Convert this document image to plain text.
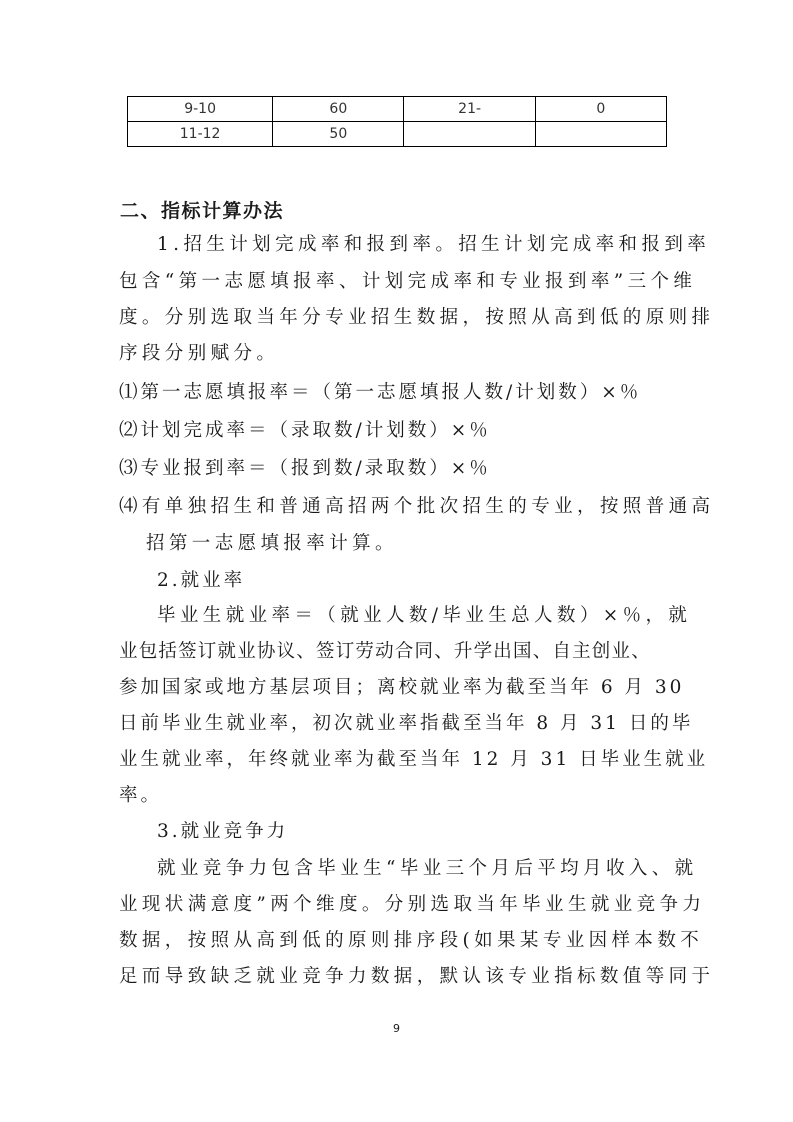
9-10	60	21-	0
11-12	50		
二、指标计算办法
1.招生计划完成率和报到率。招生计划完成率和报到率
包含“第一志愿填报率、计划完成率和专业报到率”三个维
度。分别选取当年分专业招生数据，按照从高到低的原则排
序段分别赋分。
⑴第一志愿填报率＝（第一志愿填报人数/计划数）×％
⑵计划完成率＝（录取数/计划数）×％
⑶专业报到率＝（报到数/录取数）×％
⑷有单独招生和普通高招两个批次招生的专业，按照普通高
招第一志愿填报率计算。
2.就业率
毕业生就业率＝（就业人数/毕业生总人数）×％，就
业包括签订就业协议、签订劳动合同、升学出国、自主创业、
参加国家或地方基层项目；离校就业率为截至当年 6 月 30
日前毕业生就业率，初次就业率指截至当年 8 月 31 日的毕
业生就业率，年终就业率为截至当年 12 月 31 日毕业生就业
率。
3.就业竞争力
就业竞争力包含毕业生“毕业三个月后平均月收入、就
业现状满意度”两个维度。分别选取当年毕业生就业竞争力
数据，按照从高到低的原则排序段(如果某专业因样本数不
足而导致缺乏就业竞争力数据，默认该专业指标数值等同于
9
